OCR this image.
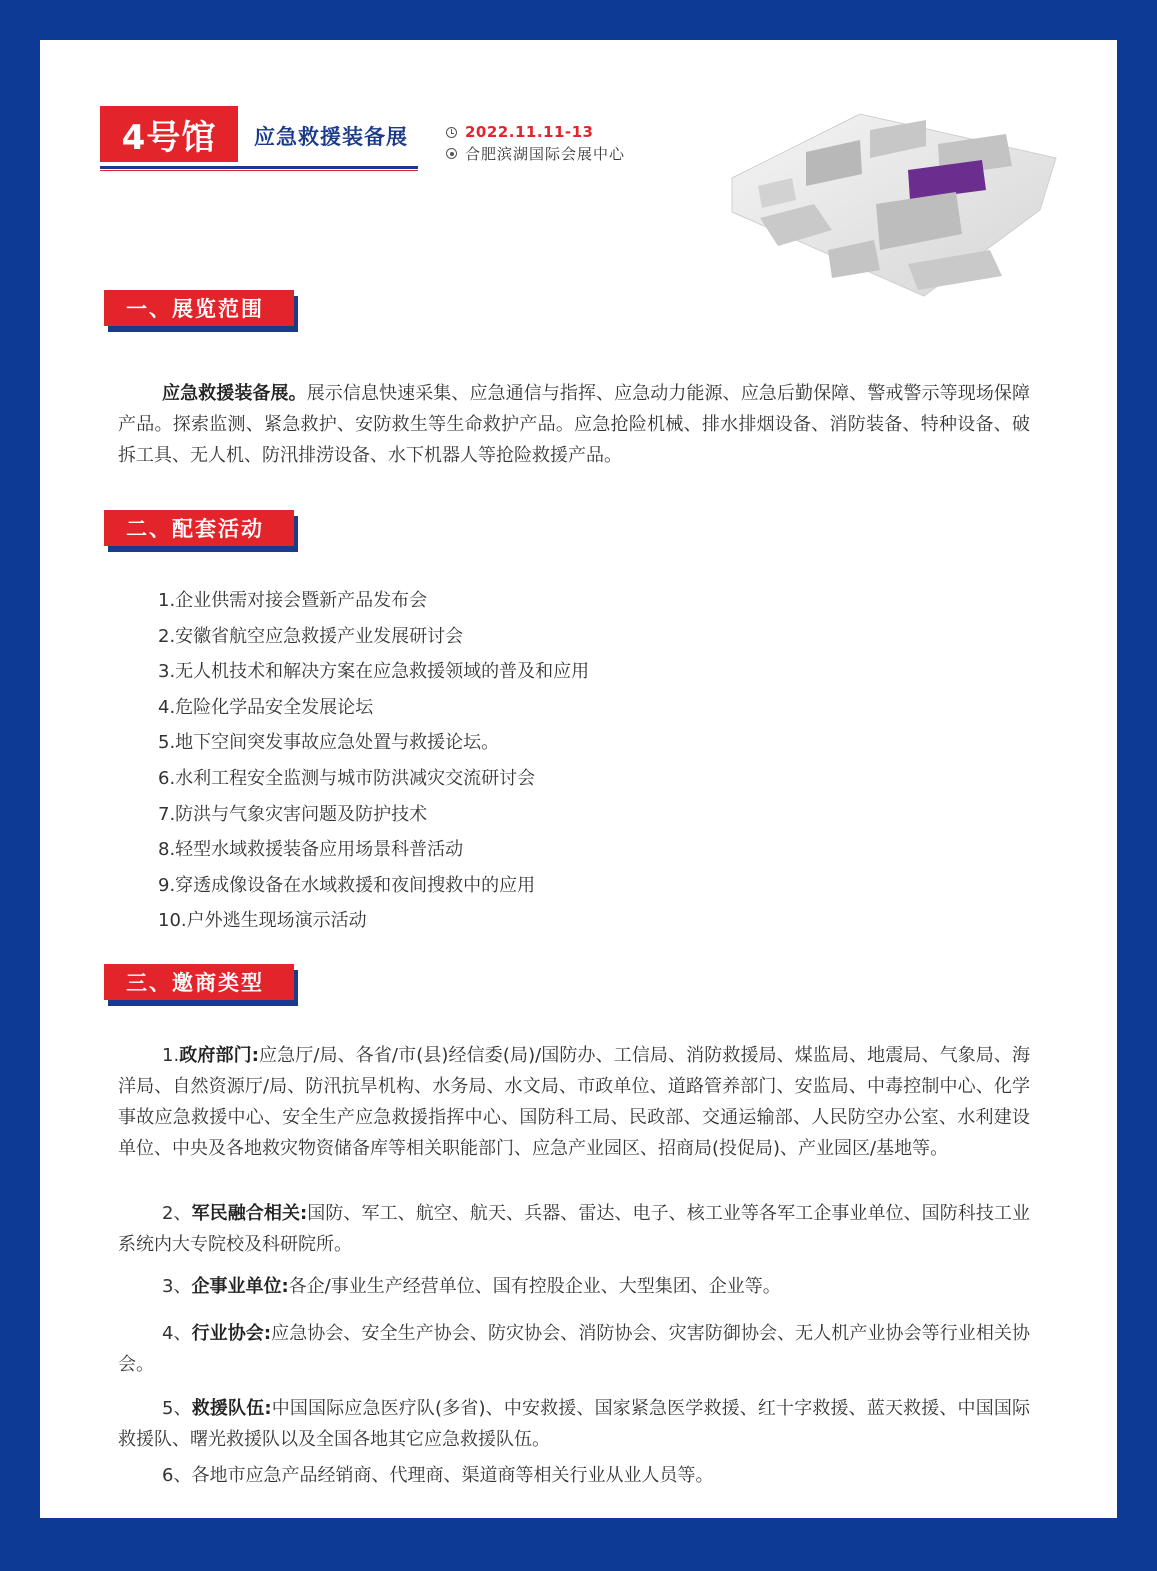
4号馆 应急救援装备展	2022.11.11-13
合肥滨湖国际会展中心
一、展览范围

应急救援装备展。展示信息快速采集、应急通信与指挥、应急动力能源、应急后勤保障、警戒警示等现场保障产品。探索监测、紧急救护、安防救生等生命救护产品。应急抢险机械、排水排烟设备、消防装备、特种设备、破拆工具、无人机、防汛排涝设备、水下机器人等抢险救援产品。

二、配套活动
1.企业供需对接会暨新产品发布会
2.安徽省航空应急救援产业发展研讨会
3.无人机技术和解决方案在应急救援领域的普及和应用
4.危险化学品安全发展论坛
5.地下空间突发事故应急处置与救援论坛。
6.水利工程安全监测与城市防洪减灾交流研讨会
7.防洪与气象灾害问题及防护技术
8.轻型水域救援装备应用场景科普活动
9.穿透成像设备在水域救援和夜间搜救中的应用
10.户外逃生现场演示活动
三、邀商类型

1.政府部门:应急厅/局、各省/市(县)经信委(局)/国防办、工信局、消防救援局、煤监局、地震局、气象局、海洋局、自然资源厅/局、防汛抗旱机构、水务局、水文局、市政单位、道路管养部门、安监局、中毒控制中心、化学事故应急救援中心、安全生产应急救援指挥中心、国防科工局、民政部、交通运输部、人民防空办公室、水利建设单位、中央及各地救灾物资储备库等相关职能部门、应急产业园区、招商局(投促局)、产业园区/基地等。

2、军民融合相关:国防、军工、航空、航天、兵器、雷达、电子、核工业等各军工企事业单位、国防科技工业系统内大专院校及科研院所。

3、企事业单位:各企/事业生产经营单位、国有控股企业、大型集团、企业等。

4、行业协会:应急协会、安全生产协会、防灾协会、消防协会、灾害防御协会、无人机产业协会等行业相关协会。

5、救援队伍:中国国际应急医疗队(多省)、中安救援、国家紧急医学救援、红十字救援、蓝天救援、中国国际救援队、曙光救援队以及全国各地其它应急救援队伍。

6、各地市应急产品经销商、代理商、渠道商等相关行业从业人员等。
